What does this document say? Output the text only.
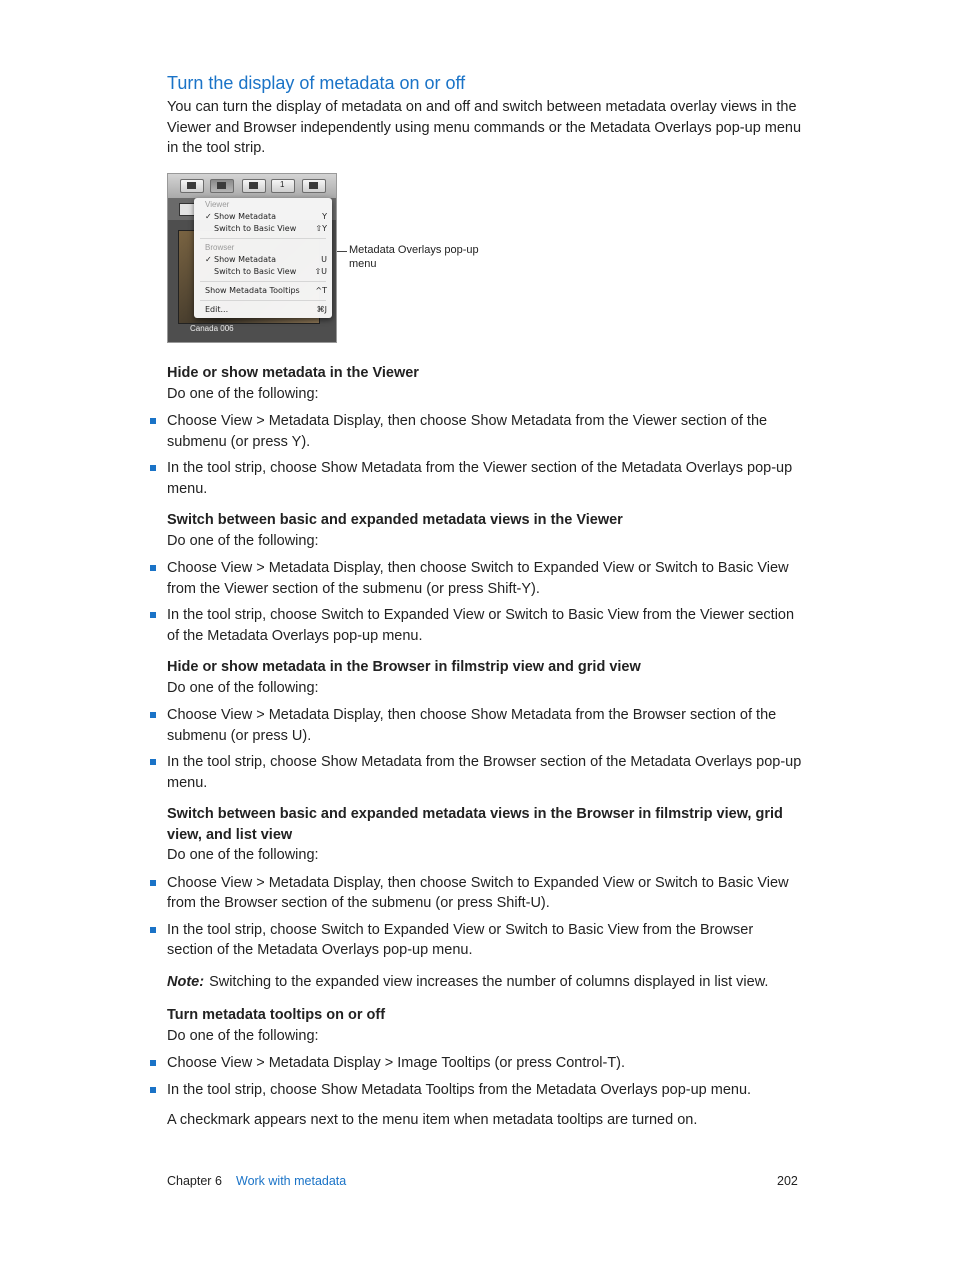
Turn the display of metadata on or off

You can turn the display of metadata on and off and switch between metadata overlay views in the Viewer and Browser independently using menu commands or the Metadata Overlays pop-up menu in the tool strip.

1

Canada 006

Viewer

✓ Show Metadata	Y
Switch to Basic View ⇧Y

Browser

✓ Show Metadata	U
Switch to Basic View ⇧U
Show Metadata Tooltips ^T
Edit...	⌘J

Metadata Overlays pop-up menu

Hide or show metadata in the Viewer

Do one of the following:

Choose View > Metadata Display, then choose Show Metadata from the Viewer section of the submenu (or press Y).
In the tool strip, choose Show Metadata from the Viewer section of the Metadata Overlays pop-up menu.
Switch between basic and expanded metadata views in the Viewer

Do one of the following:

Choose View > Metadata Display, then choose Switch to Expanded View or Switch to Basic View from the Viewer section of the submenu (or press Shift-Y).
In the tool strip, choose Switch to Expanded View or Switch to Basic View from the Viewer section of the Metadata Overlays pop-up menu.
Hide or show metadata in the Browser in filmstrip view and grid view

Do one of the following:

Choose View > Metadata Display, then choose Show Metadata from the Browser section of the submenu (or press U).
In the tool strip, choose Show Metadata from the Browser section of the Metadata Overlays pop-up menu.
Switch between basic and expanded metadata views in the Browser in filmstrip view, grid view, and list view

Do one of the following:

Choose View > Metadata Display, then choose Switch to Expanded View or Switch to Basic View from the Browser section of the submenu (or press Shift-U).
In the tool strip, choose Switch to Expanded View or Switch to Basic View from the Browser section of the Metadata Overlays pop-up menu.

Note: Switching to the expanded view increases the number of columns displayed in list view.

Turn metadata tooltips on or off

Do one of the following:

Choose View > Metadata Display > Image Tooltips (or press Control-T).
In the tool strip, choose Show Metadata Tooltips from the Metadata Overlays pop-up menu.

A checkmark appears next to the menu item when metadata tooltips are turned on.

Chapter 6 Work with metadata	202
